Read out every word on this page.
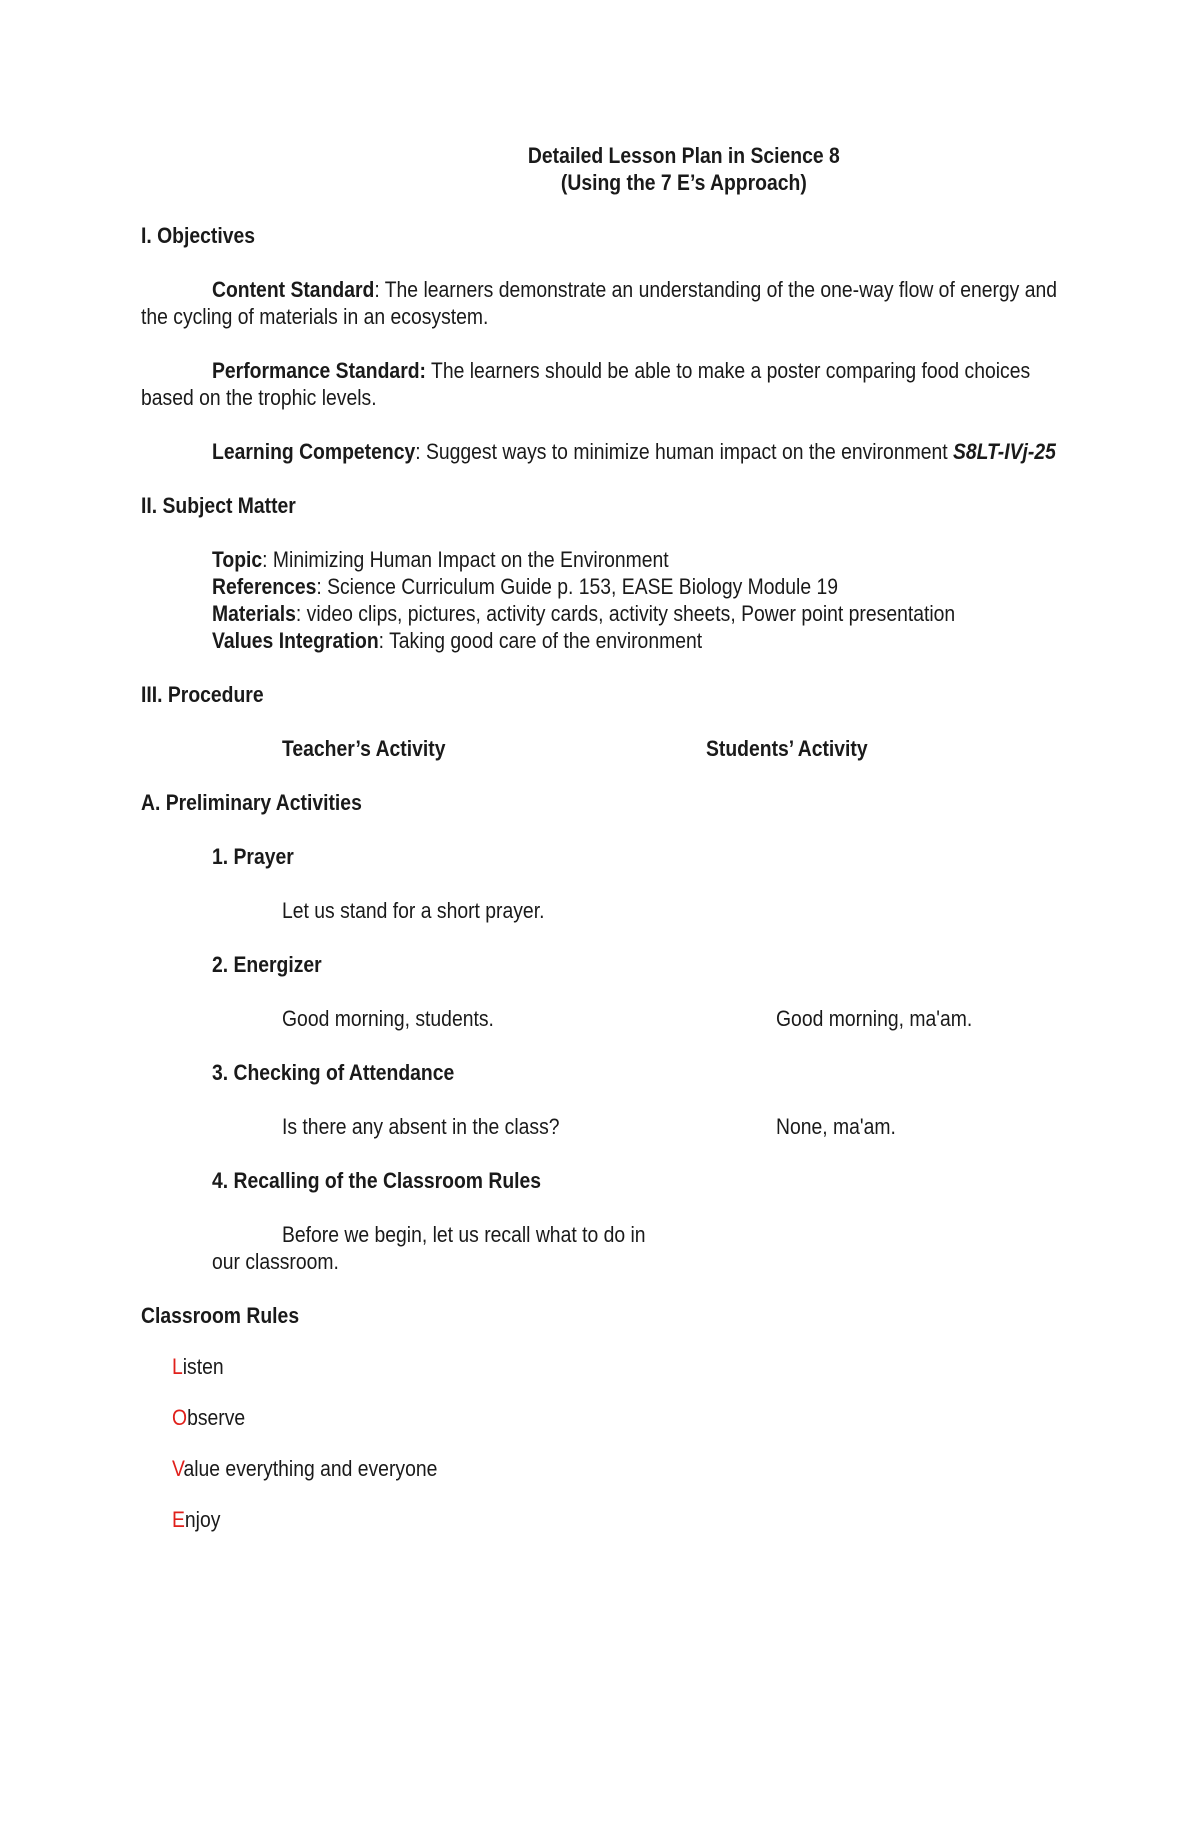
Detailed Lesson Plan in Science 8
(Using the 7 E’s Approach)
I. Objectives
Content Standard: The learners demonstrate an understanding of the one-way flow of energy and
the cycling of materials in an ecosystem.
Performance Standard: The learners should be able to make a poster comparing food choices
based on the trophic levels.
Learning Competency: Suggest ways to minimize human impact on the environment S8LT-IVj-25
II. Subject Matter
Topic: Minimizing Human Impact on the Environment
References: Science Curriculum Guide p. 153, EASE Biology Module 19
Materials: video clips, pictures, activity cards, activity sheets, Power point presentation
Values Integration: Taking good care of the environment
III. Procedure
Teacher’s Activity	Students’ Activity
A. Preliminary Activities
1. Prayer
Let us stand for a short prayer.
2. Energizer
Good morning, students.	Good morning, ma'am.
3. Checking of Attendance
Is there any absent in the class?	None, ma'am.
4. Recalling of the Classroom Rules
Before we begin, let us recall what to do in
our classroom.
Classroom Rules
Listen
Observe
Value everything and everyone
Enjoy
